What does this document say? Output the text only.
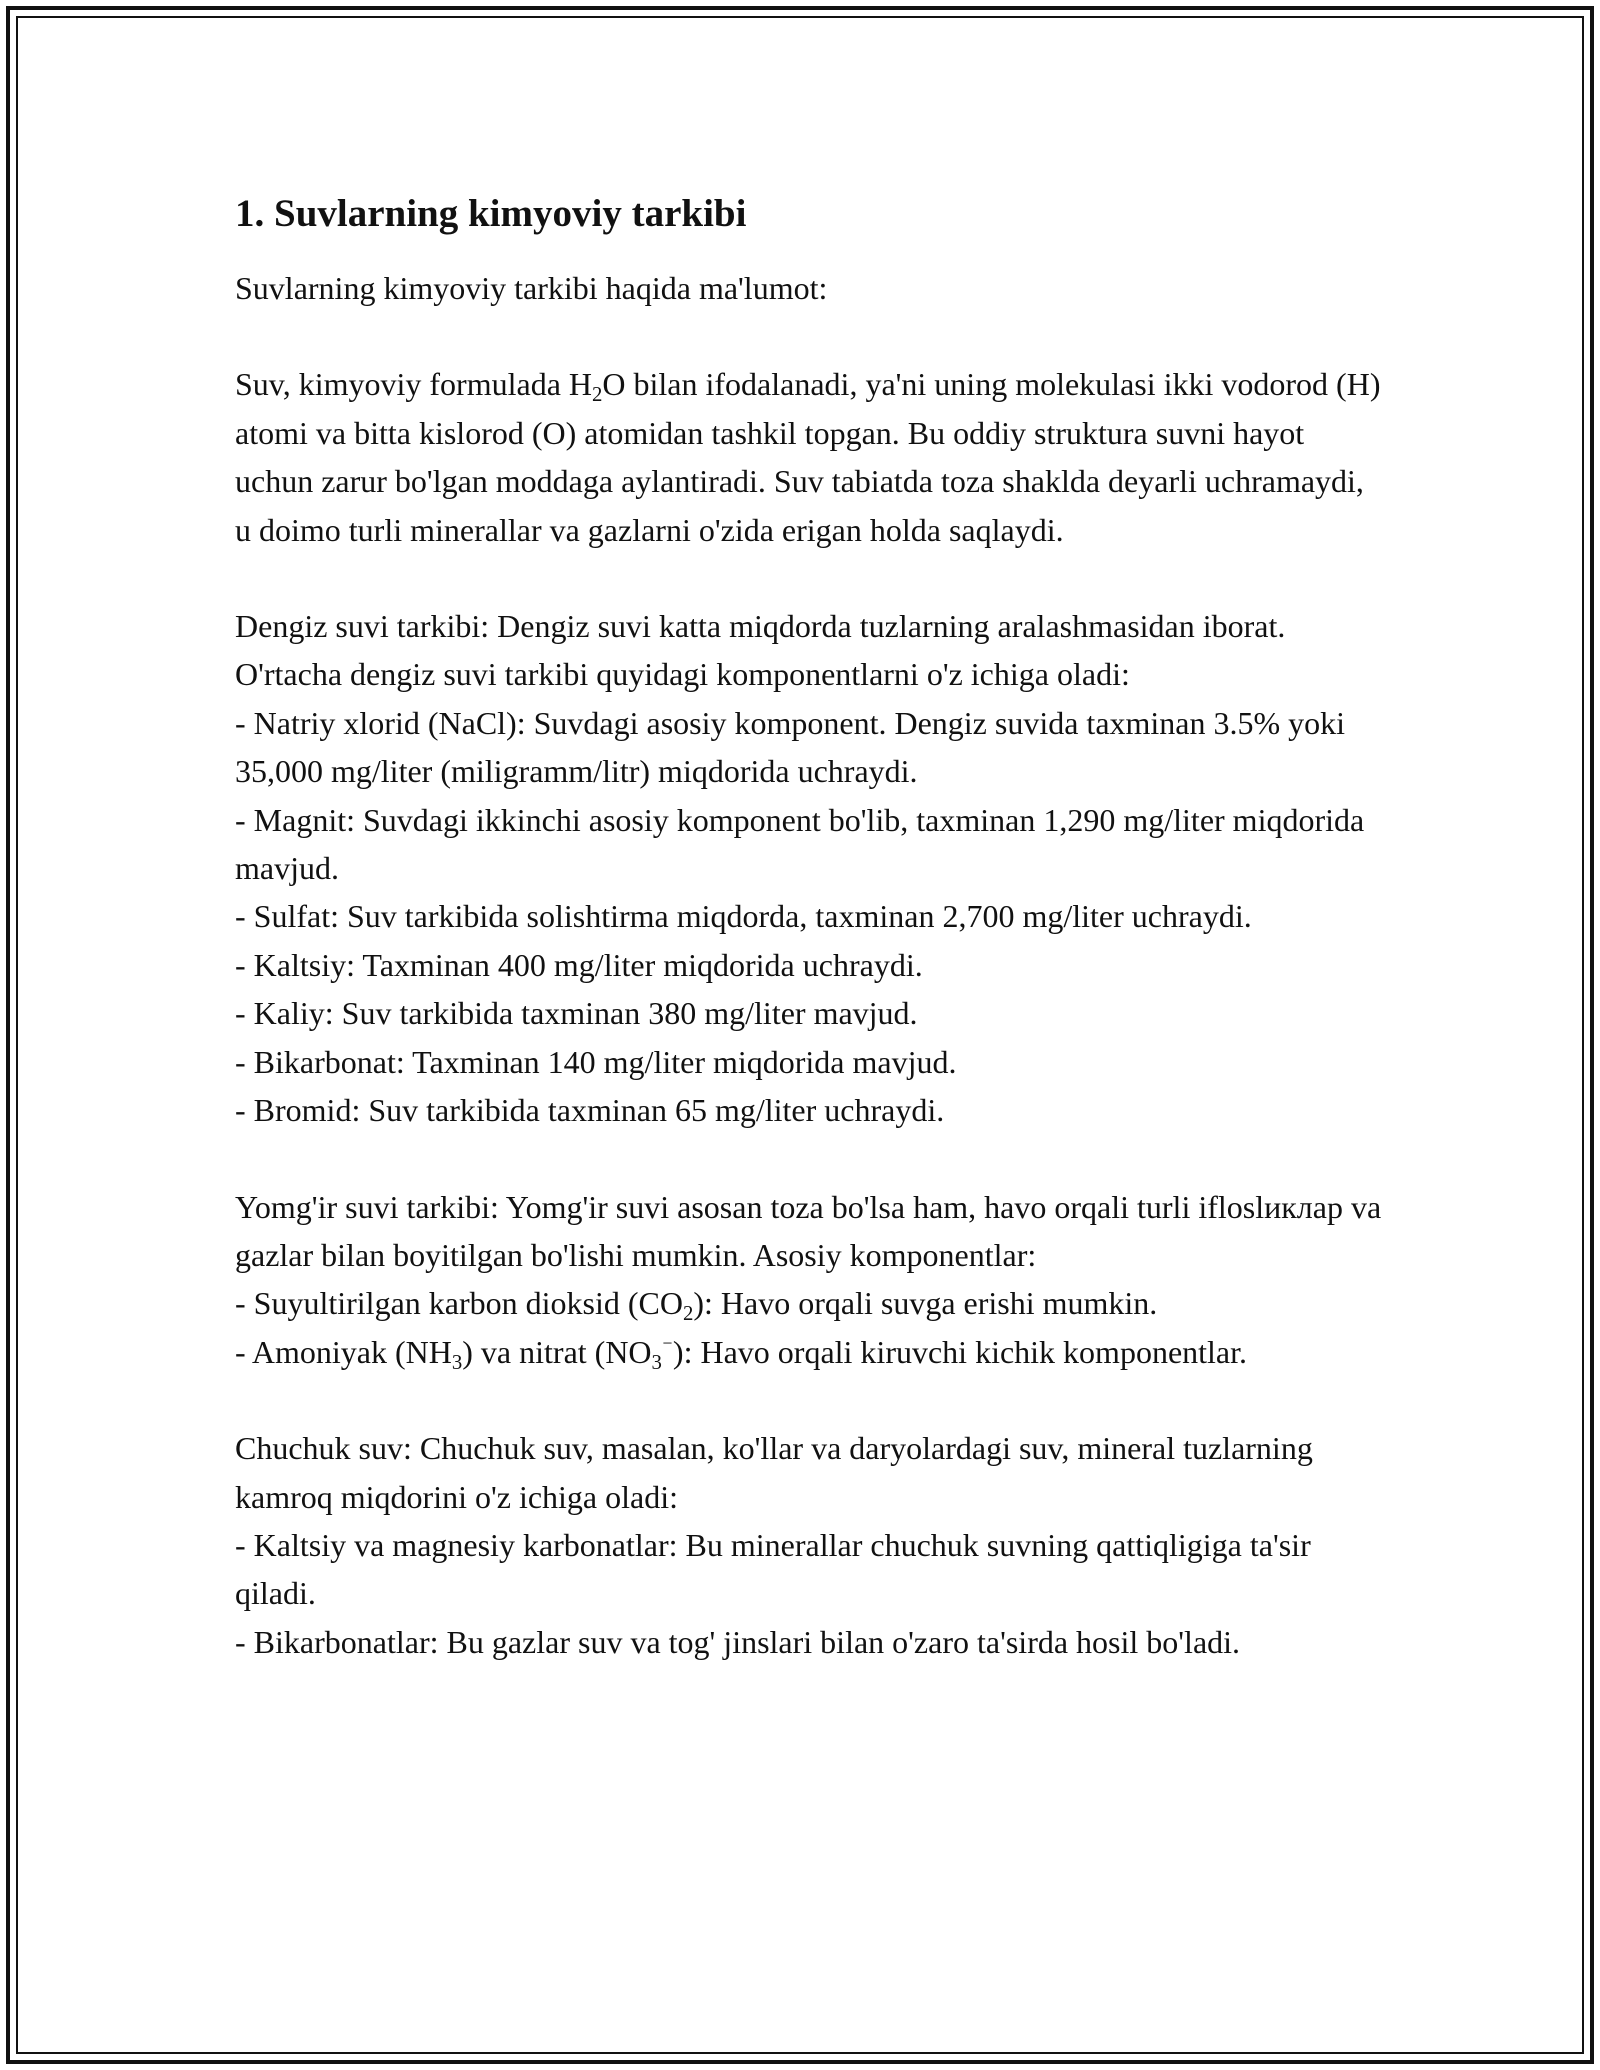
1. Suvlarning kimyoviy tarkibi

Suvlarning kimyoviy tarkibi haqida ma'lumot:

Suv, kimyoviy formulada $H_2O$ bilan ifodalanadi, ya'ni uning molekulasi ikki vodorod (H) atomi va bitta kislorod (O) atomidan tashkil topgan. Bu oddiy struktura suvni hayot uchun zarur bo'lgan moddaga aylantiradi. Suv tabiatda toza shaklda deyarli uchramaydi, u doimo turli minerallar va gazlarni o'zida erigan holda saqlaydi.

Dengiz suvi tarkibi: Dengiz suvi katta miqdorda tuzlarning aralashmasidan iborat. O'rtacha dengiz suvi tarkibi quyidagi komponentlarni o'z ichiga oladi:
- Natriy xlorid (NaCl): Suvdagi asosiy komponent. Dengiz suvida taxminan 3.5% yoki 35,000 mg/liter (miligramm/litr) miqdorida uchraydi.
- Magnit: Suvdagi ikkinchi asosiy komponent bo'lib, taxminan 1,290 mg/liter miqdorida mavjud.
- Sulfat: Suv tarkibida solishtirma miqdorda, taxminan 2,700 mg/liter uchraydi.
- Kaltsiy: Taxminan 400 mg/liter miqdorida uchraydi.
- Kaliy: Suv tarkibida taxminan 380 mg/liter mavjud.
- Bikarbonat: Taxminan 140 mg/liter miqdorida mavjud.
- Bromid: Suv tarkibida taxminan 65 mg/liter uchraydi.

Yomg'ir suvi tarkibi: Yomg'ir suvi asosan toza bo'lsa ham, havo orqali turli ifloslиклар va gazlar bilan boyitilgan bo'lishi mumkin. Asosiy komponentlar:
- Suyultirilgan karbon dioksid $(CO_2)$: Havo orqali suvga erishi mumkin.
- Amoniyak $(NH_3)$ va nitrat $(NO_3^{^-})$: Havo orqali kiruvchi kichik komponentlar.

Chuchuk suv: Chuchuk suv, masalan, ko'llar va daryolardagi suv, mineral tuzlarning kamroq miqdorini o'z ichiga oladi:
- Kaltsiy va magnesiy karbonatlar: Bu minerallar chuchuk suvning qattiqligiga ta'sir qiladi.
- Bikarbonatlar: Bu gazlar suv va tog' jinslari bilan o'zaro ta'sirda hosil bo'ladi.
